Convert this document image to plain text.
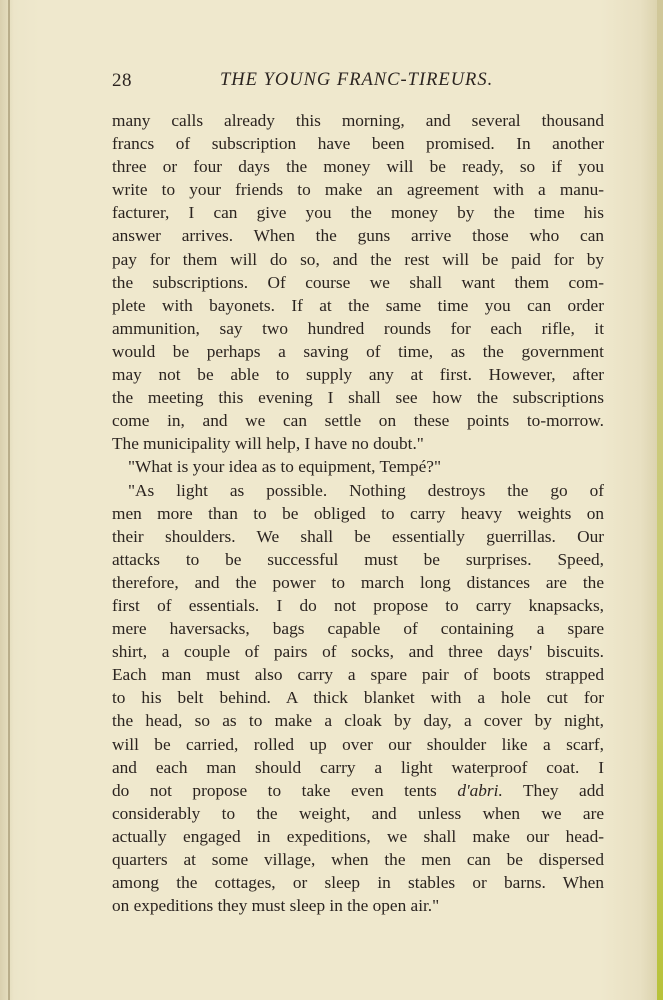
28	THE YOUNG FRANC-TIREURS.
many calls already this morning, and several thousand
francs of subscription have been promised. In another
three or four days the money will be ready, so if you
write to your friends to make an agreement with a manu-
facturer, I can give you the money by the time his
answer arrives. When the guns arrive those who can
pay for them will do so, and the rest will be paid for by
the subscriptions. Of course we shall want them com-
plete with bayonets. If at the same time you can order
ammunition, say two hundred rounds for each rifle, it
would be perhaps a saving of time, as the government
may not be able to supply any at first. However, after
the meeting this evening I shall see how the subscriptions
come in, and we can settle on these points to-morrow.
The municipality will help, I have no doubt."
"What is your idea as to equipment, Tempé?"
"As light as possible. Nothing destroys the go of
men more than to be obliged to carry heavy weights on
their shoulders. We shall be essentially guerrillas. Our
attacks to be successful must be surprises. Speed,
therefore, and the power to march long distances are the
first of essentials. I do not propose to carry knapsacks,
mere haversacks, bags capable of containing a spare
shirt, a couple of pairs of socks, and three days' biscuits.
Each man must also carry a spare pair of boots strapped
to his belt behind. A thick blanket with a hole cut for
the head, so as to make a cloak by day, a cover by night,
will be carried, rolled up over our shoulder like a scarf,
and each man should carry a light waterproof coat. I
do not propose to take even tents d'abri. They add
considerably to the weight, and unless when we are
actually engaged in expeditions, we shall make our head-
quarters at some village, when the men can be dispersed
among the cottages, or sleep in stables or barns. When
on expeditions they must sleep in the open air."
